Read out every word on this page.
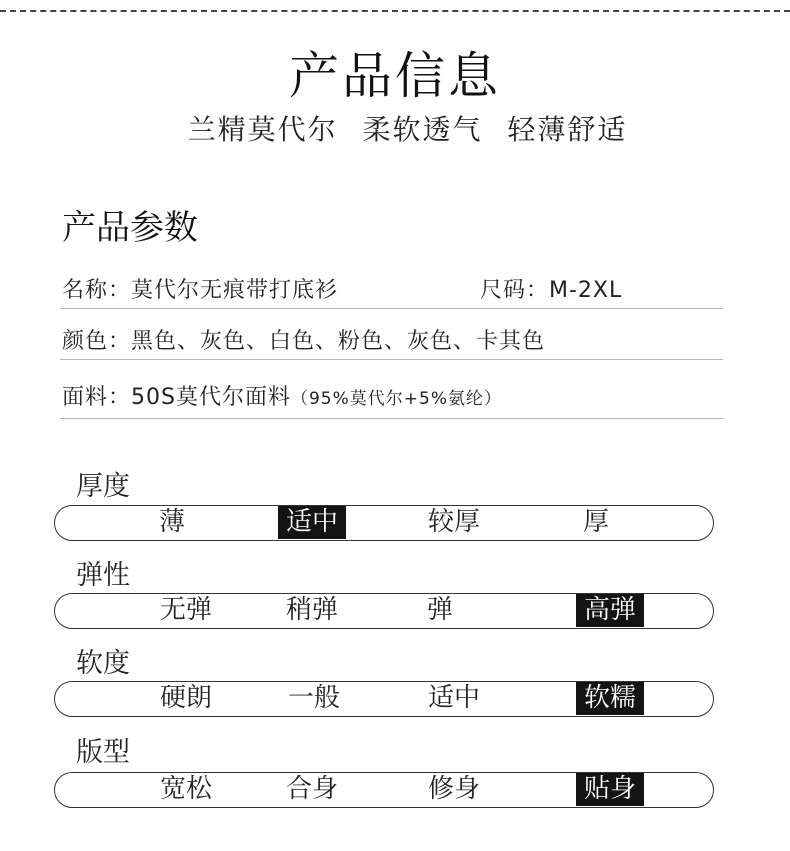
产品信息
兰精莫代尔 柔软透气 轻薄舒适
产品参数
名称：莫代尔无痕带打底衫	尺码：M-2XL
颜色：黑色、灰色、白色、粉色、灰色、卡其色
面料：50S莫代尔面料（95%莫代尔+5%氨纶）
厚度
薄	适中	较厚	厚
弹性
无弹	稍弹	弹	高弹
软度
硬朗	一般	适中	软糯
版型
宽松	合身	修身	贴身
